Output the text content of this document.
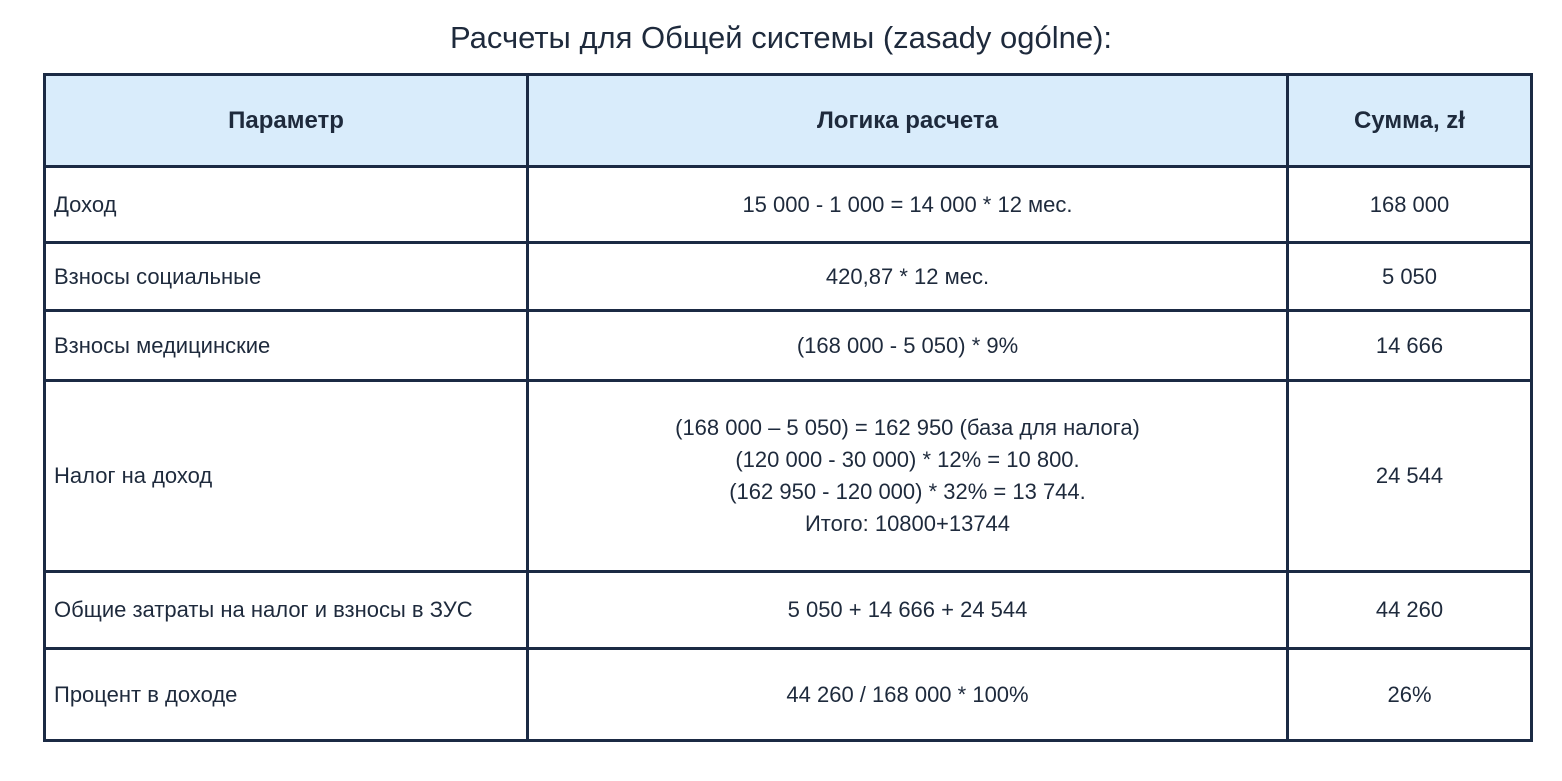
Расчеты для Общей системы (zasady ogólne):
Параметр	Логика расчета	Сумма, zł
Доход	15 000 - 1 000 = 14 000 * 12 мес.	168 000
Взносы социальные	420,87 * 12 мес.	5 050
Взносы медицинские	(168 000 - 5 050) * 9%	14 666
Налог на доход	(168 000 – 5 050) = 162 950 (база для налога)
(120 000 - 30 000) * 12% = 10 800.
(162 950 - 120 000) * 32% = 13 744.
Итого: 10800+13744	24 544
Общие затраты на налог и взносы в ЗУС	5 050 + 14 666 + 24 544	44 260
Процент в доходе	44 260 / 168 000 * 100%	26%
